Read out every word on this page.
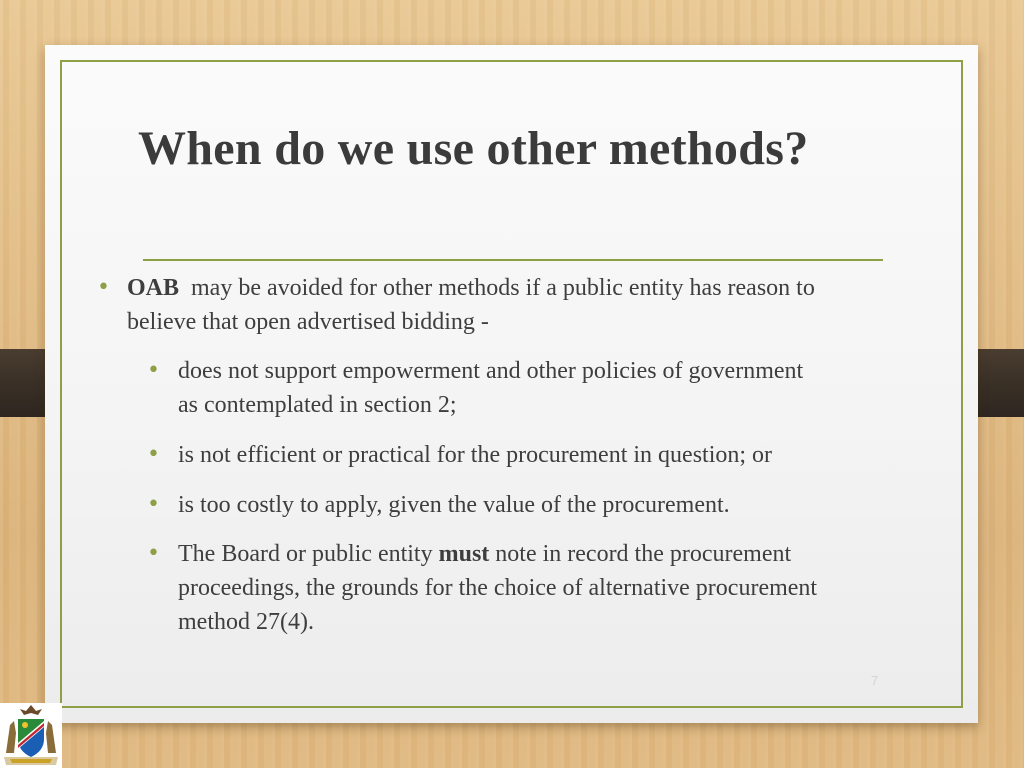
When do we use other methods?
• OAB may be avoided for other methods if a public entity has reason to
believe that open advertised bidding -

• does not support empowerment and other policies of government
as contemplated in section 2;

• is not efficient or practical for the procurement in question; or

• is too costly to apply, given the value of the procurement.

• The Board or public entity must note in record the procurement
proceedings, the grounds for the choice of alternative procurement
method 27(4).

7
